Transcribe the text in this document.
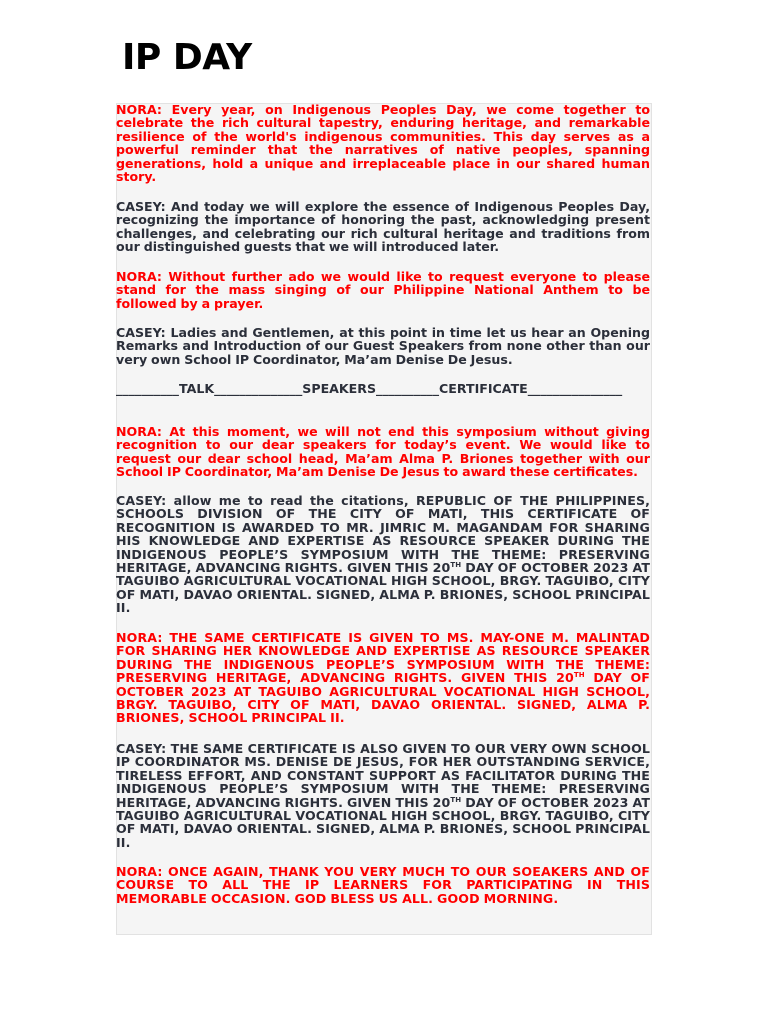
IP DAY

NORA: Every year, on Indigenous Peoples Day, we come together to celebrate the rich cultural tapestry, enduring heritage, and remarkable resilience of the world's indigenous communities. This day serves as a powerful reminder that the narratives of native peoples, spanning generations, hold a unique and irreplaceable place in our shared human story.

CASEY: And today we will explore the essence of Indigenous Peoples Day, recognizing the importance of honoring the past, acknowledging present challenges, and celebrating our rich cultural heritage and traditions from our distinguished guests that we will introduced later.

NORA: Without further ado we would like to request everyone to please stand for the mass singing of our Philippine National Anthem to be followed by a prayer.

CASEY: Ladies and Gentlemen, at this point in time let us hear an Opening Remarks and Introduction of our Guest Speakers from none other than our very own School IP Coordinator, Ma’am Denise De Jesus.

__________TALK______________SPEAKERS__________CERTIFICATE_______________

NORA: At this moment, we will not end this symposium without giving recognition to our dear speakers for today’s event. We would like to request our dear school head, Ma’am Alma P. Briones together with our School IP Coordinator, Ma’am Denise De Jesus to award these certificates.

CASEY: allow me to read the citations, REPUBLIC OF THE PHILIPPINES, SCHOOLS DIVISION OF THE CITY OF MATI, THIS CERTIFICATE OF RECOGNITION IS AWARDED TO MR. JIMRIC M. MAGANDAM FOR SHARING HIS KNOWLEDGE AND EXPERTISE AS RESOURCE SPEAKER DURING THE INDIGENOUS PEOPLE’S SYMPOSIUM WITH THE THEME: PRESERVING HERITAGE, ADVANCING RIGHTS. GIVEN THIS 20TH DAY OF OCTOBER 2023 AT TAGUIBO AGRICULTURAL VOCATIONAL HIGH SCHOOL, BRGY. TAGUIBO, CITY OF MATI, DAVAO ORIENTAL. SIGNED, ALMA P. BRIONES, SCHOOL PRINCIPAL II.

NORA: THE SAME CERTIFICATE IS GIVEN TO MS. MAY-ONE M. MALINTAD FOR SHARING HER KNOWLEDGE AND EXPERTISE AS RESOURCE SPEAKER DURING THE INDIGENOUS PEOPLE’S SYMPOSIUM WITH THE THEME: PRESERVING HERITAGE, ADVANCING RIGHTS. GIVEN THIS 20TH DAY OF OCTOBER 2023 AT TAGUIBO AGRICULTURAL VOCATIONAL HIGH SCHOOL, BRGY. TAGUIBO, CITY OF MATI, DAVAO ORIENTAL. SIGNED, ALMA P. BRIONES, SCHOOL PRINCIPAL II.

CASEY: THE SAME CERTIFICATE IS ALSO GIVEN TO OUR VERY OWN SCHOOL IP COORDINATOR MS. DENISE DE JESUS, FOR HER OUTSTANDING SERVICE, TIRELESS EFFORT, AND CONSTANT SUPPORT AS FACILITATOR DURING THE INDIGENOUS PEOPLE’S SYMPOSIUM WITH THE THEME: PRESERVING HERITAGE, ADVANCING RIGHTS. GIVEN THIS 20TH DAY OF OCTOBER 2023 AT TAGUIBO AGRICULTURAL VOCATIONAL HIGH SCHOOL, BRGY. TAGUIBO, CITY OF MATI, DAVAO ORIENTAL. SIGNED, ALMA P. BRIONES, SCHOOL PRINCIPAL II.

NORA: ONCE AGAIN, THANK YOU VERY MUCH TO OUR SOEAKERS AND OF COURSE TO ALL THE IP LEARNERS FOR PARTICIPATING IN THIS MEMORABLE OCCASION. GOD BLESS US ALL. GOOD MORNING.
